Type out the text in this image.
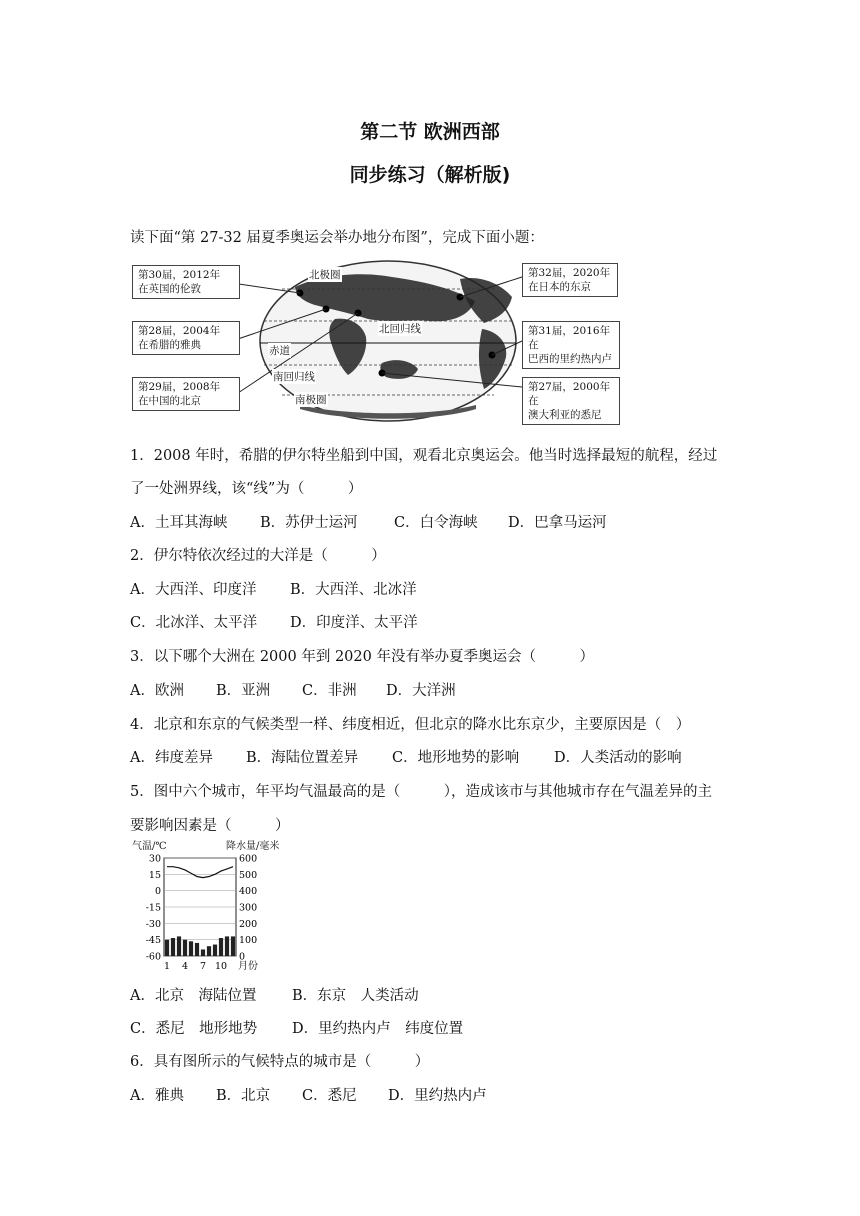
第二节 欧洲西部
同步练习（解析版)
读下面“第 27-32 届夏季奥运会举办地分布图”，完成下面小题：
第30届，2012年
在英国的伦敦
第28届，2004年
在希腊的雅典
第29届，2008年
在中国的北京
第32届，2020年
在日本的东京
第31届，2016年在
巴西的里约热内卢
第27届，2000年在
澳大利亚的悉尼
北极圈
北回归线
赤道
南回归线
南极圈
1．2008 年时，希腊的伊尔特坐船到中国，观看北京奥运会。他当时选择最短的航程，经过
了一处洲界线，该“线”为（　　　）
A．土耳其海峡 B．苏伊士运河	C．白令海峡 D．巴拿马运河
2．伊尔特依次经过的大洋是（　　　）
A．大西洋、印度洋 B．大西洋、北冰洋
C．北冰洋、太平洋 D．印度洋、太平洋
3．以下哪个大洲在 2000 年到 2020 年没有举办夏季奥运会（　　　）
A．欧洲 B．亚洲 C．非洲 D．大洋洲
4．北京和东京的气候类型一样、纬度相近，但北京的降水比东京少，主要原因是（　）
A．纬度差异 B．海陆位置差异 C．地形地势的影响 D．人类活动的影响
5．图中六个城市，年平均气温最高的是（　　　），造成该市与其他城市存在气温差异的主
要影响因素是（　　　）
气温/℃	降水量/毫米
30
15
0
-15
-30
-45
-60
600
500
400
300
200
100
0
1 4 7 10 月份
A．北京　海陆位置 B．东京　人类活动
C．悉尼　地形地势 D．里约热内卢　纬度位置
6．具有图所示的气候特点的城市是（　　　）
A．雅典 B．北京 C．悉尼 D．里约热内卢
